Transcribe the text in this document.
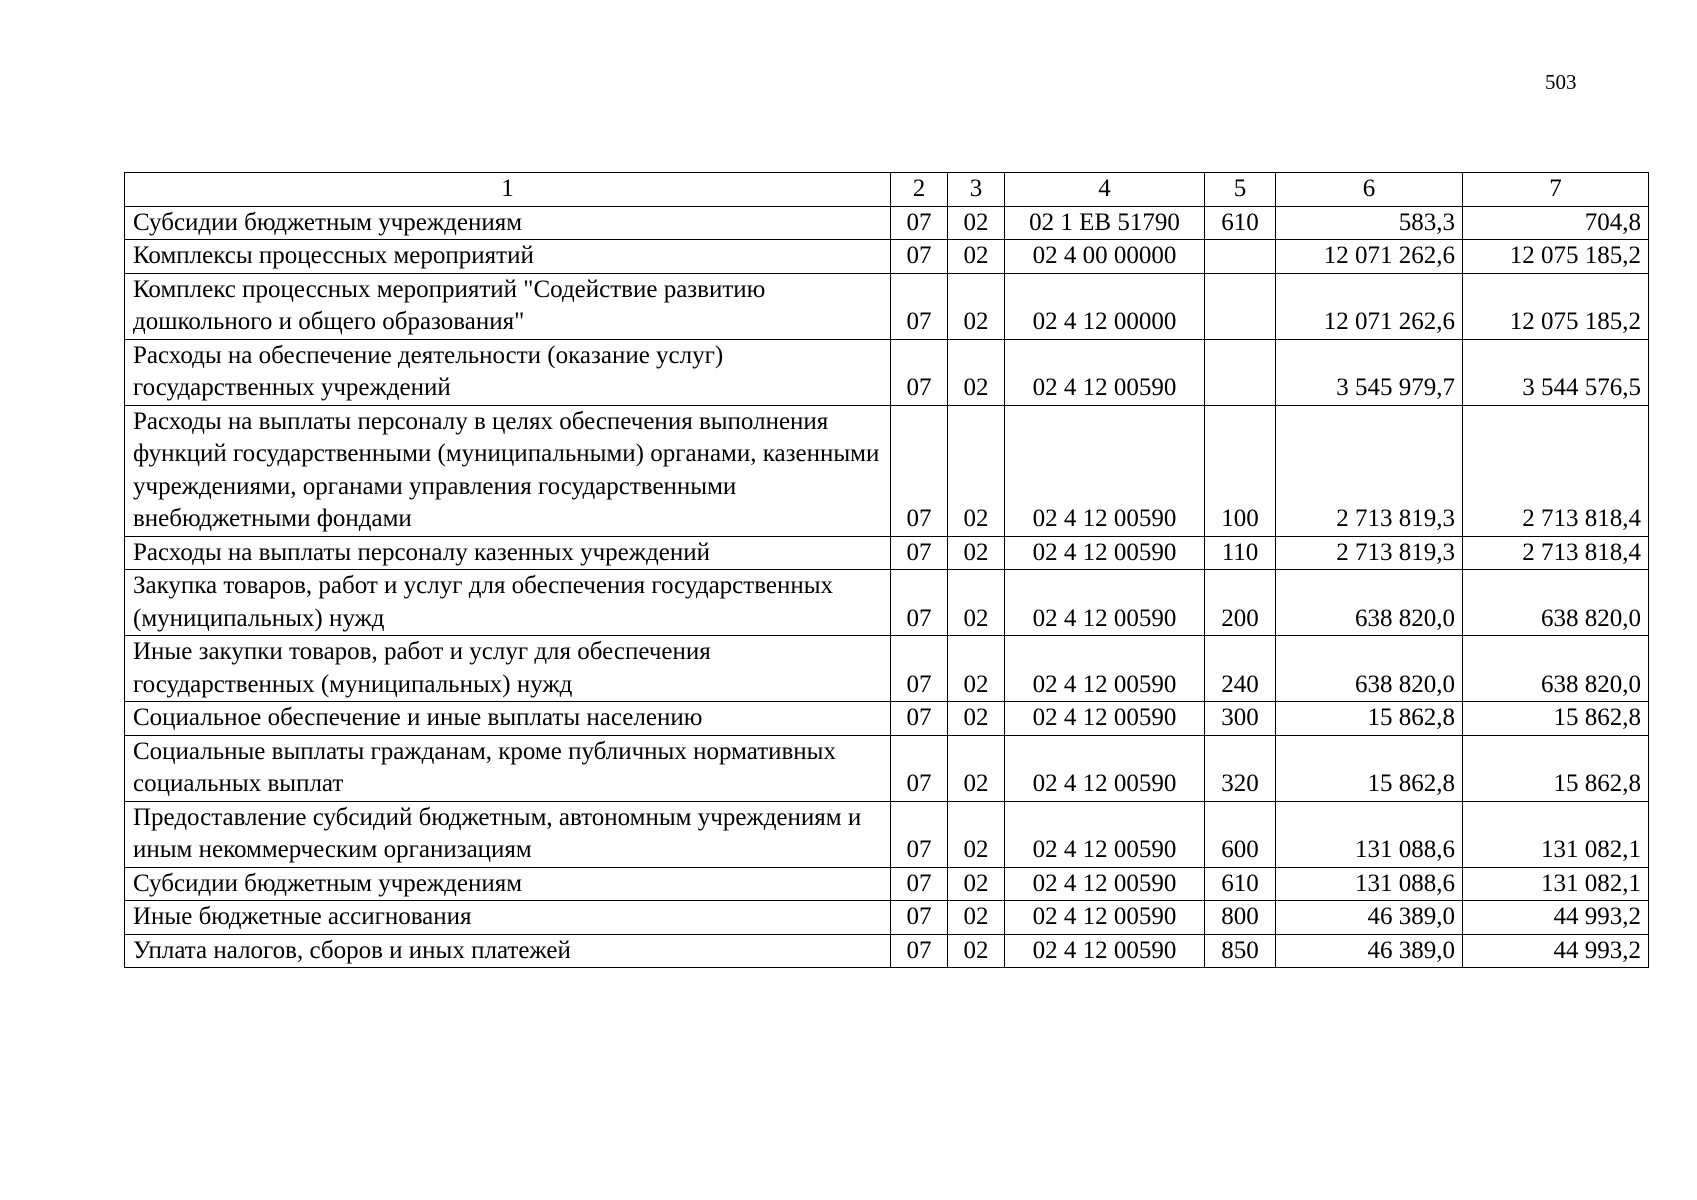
503
1	2	3	4	5	6	7
Субсидии бюджетным учреждениям	07	02	02 1 EB 51790	610	583,3	704,8
Комплексы процессных мероприятий	07	02	02 4 00 00000		12 071 262,6	12 075 185,2
Комплекс процессных мероприятий "Содействие развитию дошкольного и общего образования"	07	02	02 4 12 00000		12 071 262,6	12 075 185,2
Расходы на обеспечение деятельности (оказание услуг) государственных учреждений	07	02	02 4 12 00590		3 545 979,7	3 544 576,5
Расходы на выплаты персоналу в целях обеспечения выполнения функций государственными (муниципальными) органами, казенными учреждениями, органами управления государственными внебюджетными фондами	07	02	02 4 12 00590	100	2 713 819,3	2 713 818,4
Расходы на выплаты персоналу казенных учреждений	07	02	02 4 12 00590	110	2 713 819,3	2 713 818,4
Закупка товаров, работ и услуг для обеспечения государственных (муниципальных) нужд	07	02	02 4 12 00590	200	638 820,0	638 820,0
Иные закупки товаров, работ и услуг для обеспечения государственных (муниципальных) нужд	07	02	02 4 12 00590	240	638 820,0	638 820,0
Социальное обеспечение и иные выплаты населению	07	02	02 4 12 00590	300	15 862,8	15 862,8
Социальные выплаты гражданам, кроме публичных нормативных социальных выплат	07	02	02 4 12 00590	320	15 862,8	15 862,8
Предоставление субсидий бюджетным, автономным учреждениям и иным некоммерческим организациям	07	02	02 4 12 00590	600	131 088,6	131 082,1
Субсидии бюджетным учреждениям	07	02	02 4 12 00590	610	131 088,6	131 082,1
Иные бюджетные ассигнования	07	02	02 4 12 00590	800	46 389,0	44 993,2
Уплата налогов, сборов и иных платежей	07	02	02 4 12 00590	850	46 389,0	44 993,2
